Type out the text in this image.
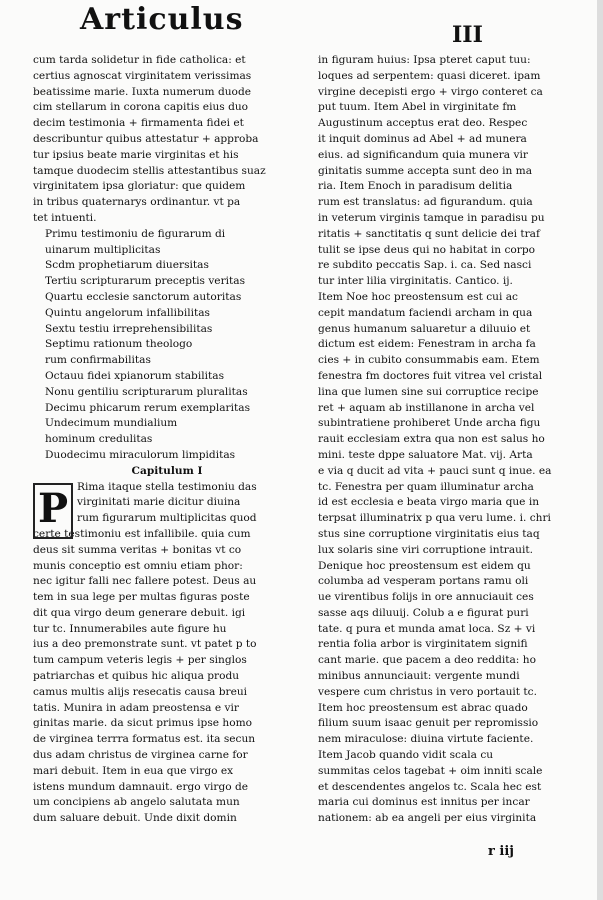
Articulus	III
cum tarda solidetur in fide catholica: et
certius agnoscat virginitatem verissimas
beatissime marie. Iuxta numerum duode
cim stellarum in corona capitis eius duo
decim testimonia + firmamenta fidei et
describuntur quibus attestatur + approba
tur ipsius beate marie virginitas et his
tamque duodecim stellis attestantibus suaz
virginitatem ipsa gloriatur: que quidem
in tribus quaternarys ordinantur. vt pa
tet intuenti.
Primu testimoniu de figurarum di
uinarum multiplicitas
Scdm prophetiarum diuersitas
Tertiu scripturarum preceptis veritas
Quartu ecclesie sanctorum autoritas
Quintu angelorum infallibilitas
Sextu testiu irreprehensibilitas
Septimu rationum theologo
rum confirmabilitas
Octauu fidei xpianorum stabilitas
Nonu gentiliu scripturarum pluralitas
Decimu phicarum rerum exemplaritas
Undecimum mundialium
hominum credulitas
Duodecimu miraculorum limpiditas
Capitulum I
Rima itaque stella testimoniu das
virginitati marie dicitur diuina
rum figurarum multiplicitas quod
certe testimoniu est infallibile. quia cum
deus sit summa veritas + bonitas vt co
munis conceptio est omniu etiam phor:
nec igitur falli nec fallere potest. Deus au
tem in sua lege per multas figuras poste
dit qua virgo deum generare debuit. igi
tur tc. Innumerabiles aute figure hu
ius a deo premonstrate sunt. vt patet p to
tum campum veteris legis + per singlos
patriarchas et quibus hic aliqua produ
camus multis alijs resecatis causa breui
tatis. Munira in adam preostensa e vir
ginitas marie. da sicut primus ipse homo
de virginea terrra formatus est. ita secun
dus adam christus de virginea carne for
mari debuit. Item in eua que virgo ex
istens mundum damnauit. ergo virgo de
um concipiens ab angelo salutata mun
dum saluare debuit. Unde dixit domin
in figuram huius: Ipsa pteret caput tuu:
loques ad serpentem: quasi diceret. ipam
virgine decepisti ergo + virgo conteret ca
put tuum. Item Abel in virginitate fm
Augustinum acceptus erat deo. Respec
it inquit dominus ad Abel + ad munera
eius. ad significandum quia munera vir
ginitatis summe accepta sunt deo in ma
ria. Item Enoch in paradisum delitia
rum est translatus: ad figurandum. quia
in veterum virginis tamque in paradisu pu
ritatis + sanctitatis q sunt delicie dei traf
tulit se ipse deus qui no habitat in corpo
re subdito peccatis Sap. i. ca. Sed nasci
tur inter lilia virginitatis. Cantico. ij.
Item Noe hoc preostensum est cui ac
cepit mandatum faciendi archam in qua
genus humanum saluaretur a diluuio et
dictum est eidem: Fenestram in archa fa
cies + in cubito consummabis eam. Etem
fenestra fm doctores fuit vitrea vel cristal
lina que lumen sine sui corruptice recipe
ret + aquam ab instillanone in archa vel
subintratiene prohiberet Unde archa figu
rauit ecclesiam extra qua non est salus ho
mini. teste dppe saluatore Mat. vij. Arta
e via q ducit ad vita + pauci sunt q inue. ea
tc. Fenestra per quam illuminatur archa
id est ecclesia e beata virgo maria que in
terpsat illuminatrix p qua veru lume. i. chri
stus sine corruptione virginitatis eius taq
lux solaris sine viri corruptione intrauit.
Denique hoc preostensum est eidem qu
columba ad vesperam portans ramu oli
ue virentibus folijs in ore annuciauit ces
sasse aqs diluuij. Colub a e figurat puri
tate. q pura et munda amat loca. Sz + vi
rentia folia arbor is virginitatem signifi
cant marie. que pacem a deo reddita: ho
minibus annunciauit: vergente mundi
vespere cum christus in vero portauit tc.
Item hoc preostensum est abrac quado
filium suum isaac genuit per repromissio
nem miraculose: diuina virtute faciente.
Item Jacob quando vidit scala cu
summitas celos tagebat + oim inniti scale
et descendentes angelos tc. Scala hec est
maria cui dominus est innitus per incar
nationem: ab ea angeli per eius virginita
P
r iij
